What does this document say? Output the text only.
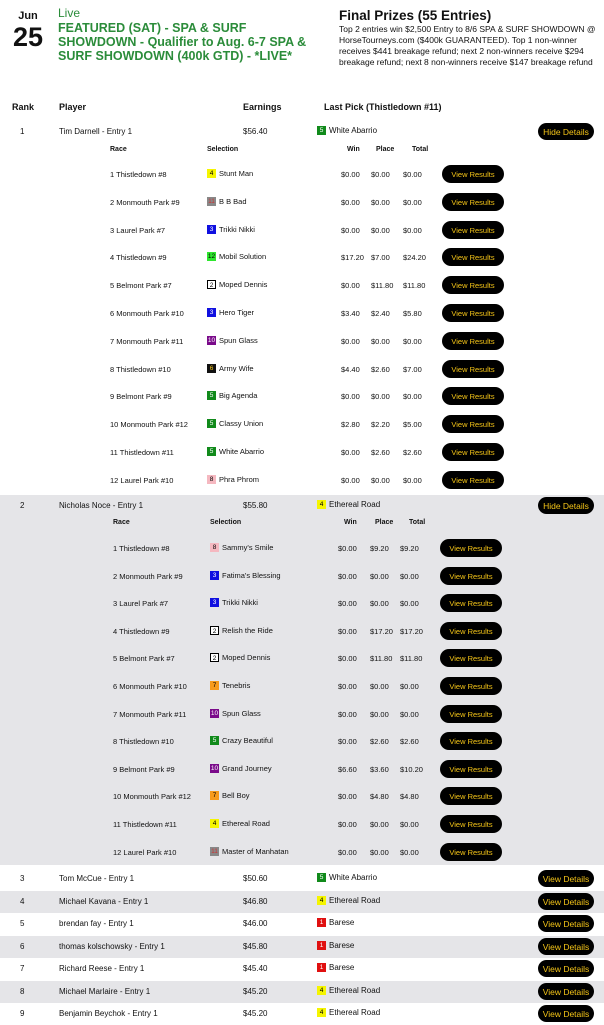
Jun
25
Live
FEATURED (SAT) - SPA & SURF SHOWDOWN - Qualifier to Aug. 6-7 SPA & SURF SHOWDOWN (400k GTD) - *LIVE*
Final Prizes (55 Entries)
Top 2 entries win $2,500 Entry to 8/6 SPA & SURF SHOWDOWN @ HorseTourneys.com ($400k GUARANTEED). Top 1 non-winner receives $441 breakage refund; next 2 non-winners receive $294 breakage refund; next 8 non-winners receive $147 breakage refund
Rank	Player	Earnings	Last Pick (Thistledown #11)
1	Tim Darnell - Entry 1	$56.40	5 White Abarrio	Hide Details
Race	Selection	Win Place	Total
1 Thistledown #8	4 Stunt Man	$0.00 $0.00 $0.00	View Results
2 Monmouth Park #9	11 B B Bad	$0.00 $0.00 $0.00	View Results
3 Laurel Park #7	3 Trikki Nikki	$0.00 $0.00 $0.00	View Results
4 Thistledown #9	12 Mobil Solution	$17.20 $7.00 $24.20	View Results
5 Belmont Park #7	2 Moped Dennis	$0.00 $11.80 $11.80	View Results
6 Monmouth Park #10	3 Hero Tiger	$3.40 $2.40 $5.80	View Results
7 Monmouth Park #11	10 Spun Glass	$0.00 $0.00 $0.00	View Results
8 Thistledown #10	6 Army Wife	$4.40 $2.60 $7.00	View Results
9 Belmont Park #9	5 Big Agenda	$0.00 $0.00 $0.00	View Results
10 Monmouth Park #12	5 Classy Union	$2.80 $2.20 $5.00	View Results
11 Thistledown #11	5 White Abarrio	$0.00 $2.60 $2.60	View Results
12 Laurel Park #10	8 Phra Phrom	$0.00 $0.00 $0.00	View Results
2	Nicholas Noce - Entry 1	$55.80	4 Ethereal Road	Hide Details
Race	Selection	Win	Place Total
1 Thistledown #8	8 Sammy's Smile	$0.00 $9.20 $9.20	View Results
2 Monmouth Park #9	3 Fatima's Blessing	$0.00 $0.00 $0.00	View Results
3 Laurel Park #7	3 Trikki Nikki	$0.00 $0.00 $0.00	View Results
4 Thistledown #9	2 Relish the Ride	$0.00 $17.20 $17.20	View Results
5 Belmont Park #7	2 Moped Dennis	$0.00 $11.80 $11.80	View Results
6 Monmouth Park #10	7 Tenebris	$0.00 $0.00 $0.00	View Results
7 Monmouth Park #11	10 Spun Glass	$0.00 $0.00 $0.00	View Results
8 Thistledown #10	5 Crazy Beautiful	$0.00 $2.60 $2.60	View Results
9 Belmont Park #9	10 Grand Journey	$6.60 $3.60 $10.20	View Results
10 Monmouth Park #12	7 Bell Boy	$0.00 $4.80 $4.80	View Results
11 Thistledown #11	4 Ethereal Road	$0.00 $0.00 $0.00	View Results
12 Laurel Park #10	11 Master of Manhatan	$0.00 $0.00 $0.00	View Results
3	Tom McCue - Entry 1	$50.60	5 White Abarrio	View Details
4	Michael Kavana - Entry 1	$46.80	4 Ethereal Road	View Details
5	brendan fay - Entry 1	$46.00	1 Barese	View Details
6	thomas kolschowsky - Entry 1	$45.80	1 Barese	View Details
7	Richard Reese - Entry 1	$45.40	1 Barese	View Details
8	Michael Marlaire - Entry 1	$45.20	4 Ethereal Road	View Details
9	Benjamin Beychok - Entry 1	$45.20	4 Ethereal Road	View Details
